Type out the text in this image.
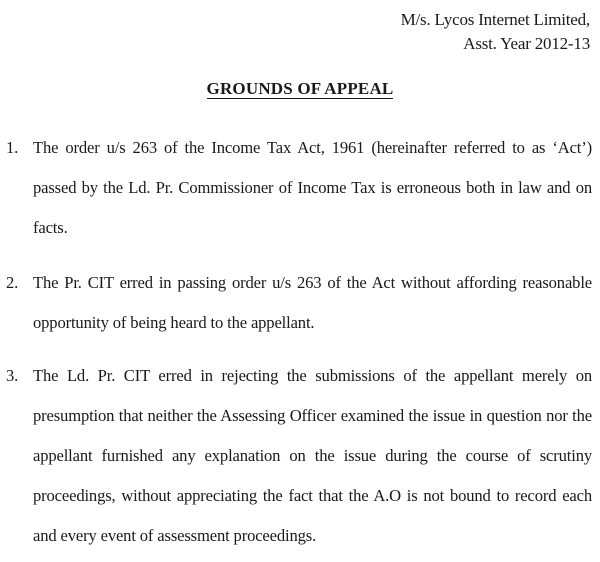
M/s. Lycos Internet Limited,
Asst. Year 2012-13
GROUNDS OF APPEAL
1. The order u/s 263 of the Income Tax Act, 1961 (hereinafter referred to as ‘Act’) passed by the Ld. Pr. Commissioner of Income Tax is erroneous both in law and on facts.
2. The Pr. CIT erred in passing order u/s 263 of the Act without affording reasonable opportunity of being heard to the appellant.
3. The Ld. Pr. CIT erred in rejecting the submissions of the appellant merely on presumption that neither the Assessing Officer examined the issue in question nor the appellant furnished any explanation on the issue during the course of scrutiny proceedings, without appreciating the fact that the A.O is not bound to record each and every event of assessment proceedings.
